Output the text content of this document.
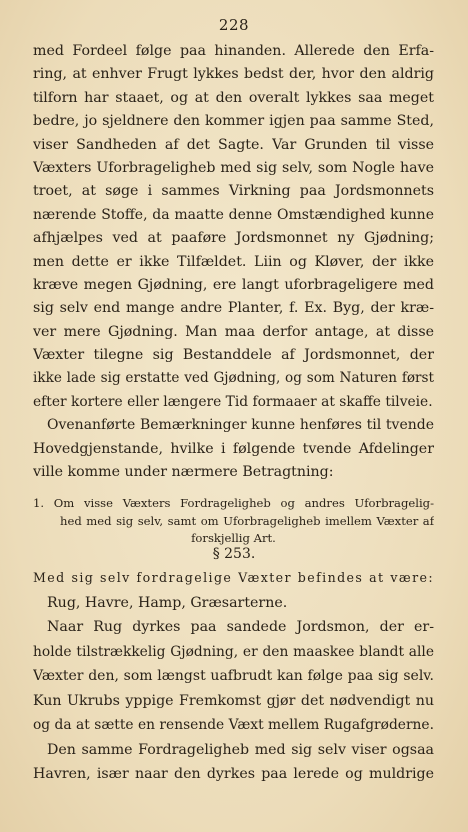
228
med Fordeel følge paa hinanden. Allerede den Erfa-
ring, at enhver Frugt lykkes bedst der, hvor den aldrig
tilforn har staaet, og at den overalt lykkes saa meget
bedre, jo sjeldnere den kommer igjen paa samme Sted,
viser Sandheden af det Sagte. Var Grunden til visse
Væxters Uforbrageligheb med sig selv, som Nogle have
troet, at søge i sammes Virkning paa Jordsmonnets
nærende Stoffe, da maatte denne Omstændighed kunne
afhjælpes ved at paaføre Jordsmonnet ny Gjødning;
men dette er ikke Tilfældet. Liin og Kløver, der ikke
kræve megen Gjødning, ere langt uforbrageligere med
sig selv end mange andre Planter, f. Ex. Byg, der kræ-
ver mere Gjødning. Man maa derfor antage, at disse
Væxter tilegne sig Bestanddele af Jordsmonnet, der
ikke lade sig erstatte ved Gjødning, og som Naturen først
efter kortere eller længere Tid formaaer at skaffe tilveie.
Ovenanførte Bemærkninger kunne henføres til tvende
Hovedgjenstande, hvilke i følgende tvende Afdelinger
ville komme under nærmere Betragtning:
1. Om visse Væxters Fordrageligheb og andres Uforbragelig-
hed med sig selv, samt om Uforbrageligheb imellem Væxter af
forskjellig Art.
§ 253.
Med sig selv fordragelige Væxter befindes at være:
Rug, Havre, Hamp, Græsarterne.
Naar Rug dyrkes paa sandede Jordsmon, der er-
holde tilstrækkelig Gjødning, er den maaskee blandt alle
Væxter den, som længst uafbrudt kan følge paa sig selv.
Kun Ukrubs yppige Fremkomst gjør det nødvendigt nu
og da at sætte en rensende Væxt mellem Rugafgrøderne.
Den samme Fordrageligheb med sig selv viser ogsaa
Havren, især naar den dyrkes paa lerede og muldrige
